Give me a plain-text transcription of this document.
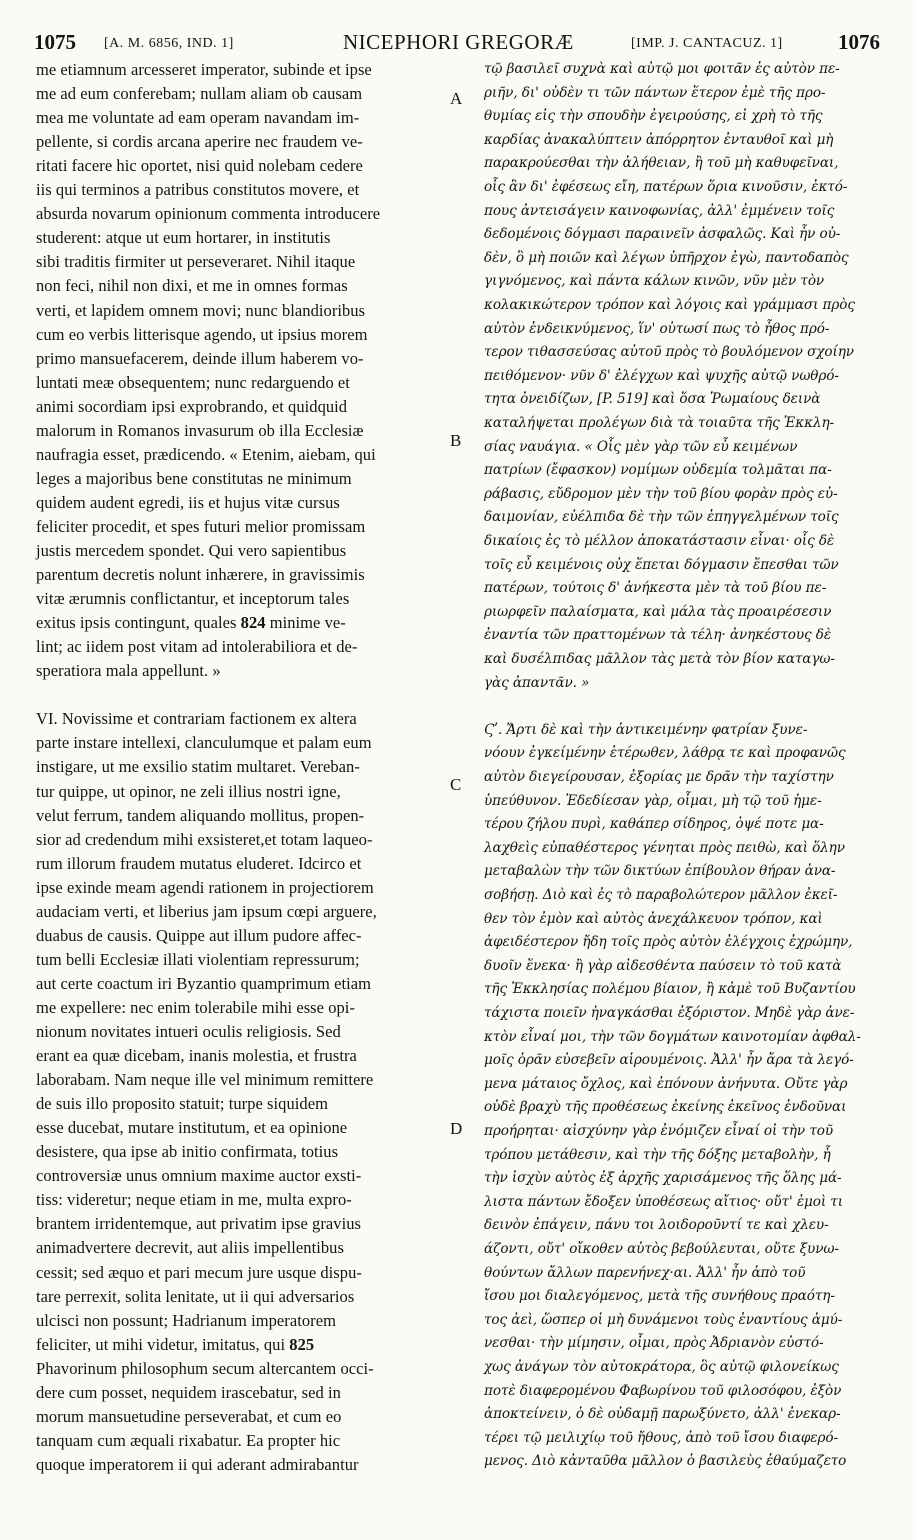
1075 [A. M. 6856, IND. 1]	NICEPHORI GREGORÆ	[IMP. J. CANTACUZ. 1]	1076
me etiamnum arcesseret imperator, subinde et ipse
me ad eum conferebam; nullam aliam ob causam
mea me voluntate ad eam operam navandam im-
pellente, si cordis arcana aperire nec fraudem ve-
ritati facere hic oportet, nisi quid nolebam cedere
iis qui terminos a patribus constitutos movere, et
absurda novarum opinionum commenta introducere
studerent: atque ut eum hortarer, in institutis
sibi traditis firmiter ut perseveraret. Nihil itaque
non feci, nihil non dixi, et me in omnes formas
verti, et lapidem omnem movi; nunc blandioribus
cum eo verbis litterisque agendo, ut ipsius morem
primo mansuefacerem, deinde illum haberem vo-
luntati meæ obsequentem; nunc redarguendo et
animi socordiam ipsi exprobrando, et quidquid
malorum in Romanos invasurum ob illa Ecclesiæ
naufragia esset, prædicendo. « Etenim, aiebam, qui
leges a majoribus bene constitutas ne minimum
quidem audent egredi, iis et hujus vitæ cursus
feliciter procedit, et spes futuri melior promissam
justis mercedem spondet. Qui vero sapientibus
parentum decretis nolunt inhærere, in gravissimis
vitæ ærumnis conflictantur, et inceptorum tales
exitus ipsis contingunt, quales 824 minime ve-
lint; ac iidem post vitam ad intolerabiliora et de-
speratiora mala appellunt. »
VI. Novissime et contrariam factionem ex altera
parte instare intellexi, clanculumque et palam eum
instigare, ut me exsilio statim multaret. Vereban-
tur quippe, ut opinor, ne zeli illius nostri igne,
velut ferrum, tandem aliquando mollitus, propen-
sior ad credendum mihi exsisteret,et totam laqueo-
rum illorum fraudem mutatus eluderet. Idcirco et
ipse exinde meam agendi rationem in projectiorem
audaciam verti, et liberius jam ipsum cœpi arguere,
duabus de causis. Quippe aut illum pudore affec-
tum belli Ecclesiæ illati violentiam repressurum;
aut certe coactum iri Byzantio quamprimum etiam
me expellere: nec enim tolerabile mihi esse opi-
nionum novitates intueri oculis religiosis. Sed
erant ea quæ dicebam, inanis molestia, et frustra
laborabam. Nam neque ille vel minimum remittere
de suis illo proposito statuit; turpe siquidem
esse ducebat, mutare institutum, et ea opinione
desistere, qua ipse ab initio confirmata, totius
controversiæ unus omnium maxime auctor exsti-
tiss: videretur; neque etiam in me, multa expro-
brantem irridentemque, aut privatim ipse gravius
animadvertere decrevit, aut aliis impellentibus
cessit; sed æquo et pari mecum jure usque dispu-
tare perrexit, solita lenitate, ut ii qui adversarios
ulcisci non possunt; Hadrianum imperatorem
feliciter, ut mihi videtur, imitatus, qui 825
Phavorinum philosophum secum altercantem occi-
dere cum posset, nequidem irascebatur, sed in
morum mansuetudine perseverabat, et cum eo
tanquam cum æquali rixabatur. Ea propter hic
quoque imperatorem ii qui aderant admirabantur
τῷ βασιλεῖ συχνὰ καὶ αὐτῷ μοι φοιτᾶν ἐς αὐτὸν πε-
ριῆν, δι' οὐδὲν τι τῶν πάντων ἕτερον ἐμὲ τῆς προ-
θυμίας εἰς τὴν σπουδὴν ἐγειρούσης, εἰ χρὴ τὸ τῆς
καρδίας ἀνακαλύπτειν ἀπόρρητον ἐνταυθοῖ καὶ μὴ
παρακρούεσθαι τὴν ἀλήθειαν, ἢ τοῦ μὴ καθυφεῖναι,
οἷς ἂν δι' ἐφέσεως εἴη, πατέρων ὅρια κινοῦσιν, ἐκτό-
πους ἀντεισάγειν καινοφωνίας, ἀλλ' ἐμμένειν τοῖς
δεδομένοις δόγμασι παραινεῖν ἀσφαλῶς. Καὶ ἦν οὐ-
δὲν, ὃ μὴ ποιῶν καὶ λέγων ὑπῆρχον ἐγὼ, παντοδαπὸς
γιγνόμενος, καὶ πάντα κάλων κινῶν, νῦν μὲν τὸν
κολακικώτερον τρόπον καὶ λόγοις καὶ γράμμασι πρὸς
αὐτὸν ἐνδεικνύμενος, ἵν' οὑτωσί πως τὸ ἦθος πρό-
τερον τιθασσεύσας αὐτοῦ πρὸς τὸ βουλόμενον σχοίην
πειθόμενον· νῦν δ' ἐλέγχων καὶ ψυχῆς αὐτῷ νωθρό-
τητα ὀνειδίζων, [P. 519] καὶ ὅσα Ῥωμαίους δεινὰ
καταλήψεται προλέγων διὰ τὰ τοιαῦτα τῆς Ἐκκλη-
σίας ναυάγια. « Οἷς μὲν γὰρ τῶν εὖ κειμένων
πατρίων (ἔφασκον) νομίμων οὐδεμία τολμᾶται πα-
ράβασις, εὔδρομον μὲν τὴν τοῦ βίου φορὰν πρὸς εὐ-
δαιμονίαν, εὐέλπιδα δὲ τὴν τῶν ἐπηγγελμένων τοῖς
δικαίοις ἐς τὸ μέλλον ἀποκατάστασιν εἶναι· οἷς δὲ
τοῖς εὖ κειμένοις οὐχ ἕπεται δόγμασιν ἕπεσθαι τῶν
πατέρων, τούτοις δ' ἀνήκεστα μὲν τὰ τοῦ βίου πε-
ριωρφεῖν παλαίσματα, καὶ μάλα τὰς προαιρέσεσιν
ἐναντία τῶν πραττομένων τὰ τέλη· ἀνηκέστους δὲ
καὶ δυσέλπιδας μᾶλλον τὰς μετὰ τὸν βίον καταγω-
γὰς ἀπαντᾶν. »
Ϛʹ. Ἄρτι δὲ καὶ τὴν ἀντικειμένην φατρίαν ξυνε-
νόουν ἐγκείμένην ἑτέρωθεν, λάθρᾳ τε καὶ προφανῶς
αὐτὸν διεγείρουσαν, ἐξορίας με δρᾶν τὴν ταχίστην
ὑπεύθυνον. Ἐδεδίεσαν γὰρ, οἶμαι, μὴ τῷ τοῦ ἡμε-
τέρου ζήλου πυρὶ, καθάπερ σίδηρος, ὀψέ ποτε μα-
λαχθεὶς εὐπαθέστερος γένηται πρὸς πειθὼ, καὶ ὅλην
μεταβαλὼν τὴν τῶν δικτύων ἐπίβουλον θήραν ἀνα-
σοβήσῃ. Διὸ καὶ ἐς τὸ παραβολώτερον μᾶλλον ἐκεῖ-
θεν τὸν ἐμὸν καὶ αὐτὸς ἀνεχάλκευον τρόπον, καὶ
ἀφειδέστερον ἤδη τοῖς πρὸς αὐτὸν ἐλέγχοις ἐχρώμην,
δυοῖν ἕνεκα· ἢ γὰρ αἰδεσθέντα παύσειν τὸ τοῦ κατὰ
τῆς Ἐκκλησίας πολέμου βίαιον, ἢ κἀμὲ τοῦ Βυζαντίου
τάχιστα ποιεῖν ἠναγκάσθαι ἐξόριστον. Μηδὲ γὰρ ἀνε-
κτὸν εἶναί μοι, τὴν τῶν δογμάτων καινοτομίαν ἀφθαλ-
μοῖς ὁρᾶν εὐσεβεῖν αἱρουμένοις. Ἀλλ' ἦν ἄρα τὰ λεγό-
μενα μάταιος ὄχλος, καὶ ἐπόνουν ἀνήνυτα. Οὔτε γὰρ
οὐδὲ βραχὺ τῆς προθέσεως ἐκείνης ἐκεῖνος ἐνδοῦναι
προήρηται· αἰσχύνην γὰρ ἐνόμιζεν εἶναί οἱ τὴν τοῦ
τρόπου μετάθεσιν, καὶ τὴν τῆς δόξης μεταβολὴν, ἧ
τὴν ἰσχὺν αὐτὸς ἐξ ἀρχῆς χαρισάμενος τῆς ὅλης μά-
λιστα πάντων ἔδοξεν ὑποθέσεως αἴτιος· οὔτ' ἐμοὶ τι
δεινὸν ἐπάγειν, πάνυ τοι λοιδοροῦντί τε καὶ χλευ-
άζοντι, οὔτ' οἴκοθεν αὐτὸς βεβούλευται, οὔτε ξυνω-
θούντων ἄλλων παρενήνεχ·αι. Ἀλλ' ἦν ἀπὸ τοῦ
ἴσου μοι διαλεγόμενος, μετὰ τῆς συνήθους πραότη-
τος ἀεὶ, ὥσπερ οἱ μὴ δυνάμενοι τοὺς ἐναντίους ἀμύ-
νεσθαι· τὴν μίμησιν, οἶμαι, πρὸς Ἀδριανὸν εὐστό-
χως ἀνάγων τὸν αὐτοκράτορα, ὃς αὐτῷ φιλονείκως
ποτὲ διαφερομένου Φαβωρίνου τοῦ φιλοσόφου, ἐξὸν
ἀποκτείνειν, ὁ δὲ οὐδαμῇ παρωξύνετο, ἀλλ' ἐνεκαρ-
τέρει τῷ μειλιχίῳ τοῦ ἤθους, ἀπὸ τοῦ ἴσου διαφερό-
μενος. Διὸ κἀνταῦθα μᾶλλον ὁ βασιλεὺς ἐθαύμαζετο
A
B
C
D
